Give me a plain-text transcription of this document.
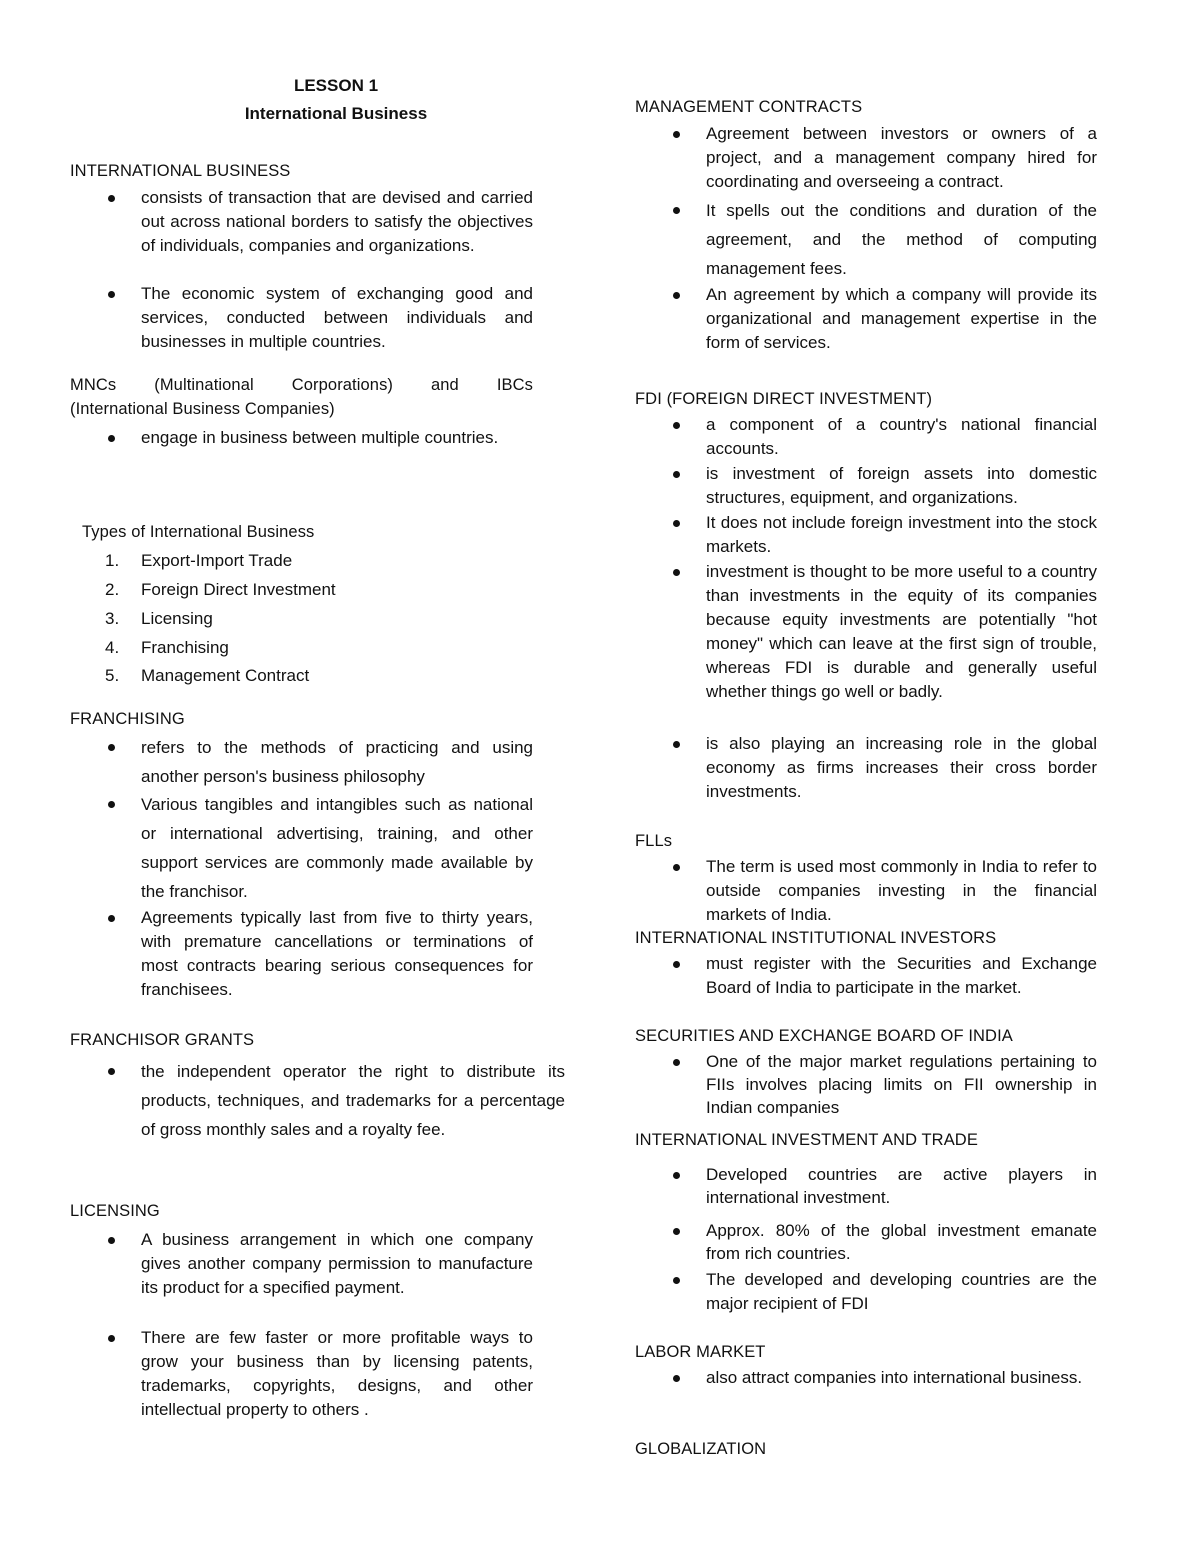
LESSON 1
International Business
INTERNATIONAL BUSINESS
consists of transaction that are devised and carried out across national borders to satisfy the objectives of individuals, companies and organizations.
The economic system of exchanging good and services, conducted between individuals and businesses in multiple countries.
MNCs (Multinational Corporations) and IBCs
(International Business Companies)
engage in business between multiple countries.
Types of International Business
1. Export-Import Trade
2. Foreign Direct Investment
3. Licensing
4. Franchising
5. Management Contract
FRANCHISING
refers to the methods of practicing and using another person's business philosophy
Various tangibles and intangibles such as national or international advertising, training, and other support services are commonly made available by the franchisor.
Agreements typically last from five to thirty years, with premature cancellations or terminations of most contracts bearing serious consequences for franchisees.
FRANCHISOR GRANTS
the independent operator the right to distribute its products, techniques, and trademarks for a percentage of gross monthly sales and a royalty fee.
LICENSING
A business arrangement in which one company gives another company permission to manufacture its product for a specified payment.
There are few faster or more profitable ways to grow your business than by licensing patents, trademarks, copyrights, designs, and other intellectual property to others .
MANAGEMENT CONTRACTS
Agreement between investors or owners of a project, and a management company hired for coordinating and overseeing a contract.
It spells out the conditions and duration of the agreement, and the method of computing management fees.
An agreement by which a company will provide its organizational and management expertise in the form of services.
FDI (FOREIGN DIRECT INVESTMENT)
a component of a country's national financial accounts.
is investment of foreign assets into domestic structures, equipment, and organizations.
It does not include foreign investment into the stock markets.
investment is thought to be more useful to a country than investments in the equity of its companies because equity investments are potentially "hot money" which can leave at the first sign of trouble, whereas FDI is durable and generally useful whether things go well or badly.
is also playing an increasing role in the global economy as firms increases their cross border investments.
FLLs
The term is used most commonly in India to refer to outside companies investing in the financial markets of India.
INTERNATIONAL INSTITUTIONAL INVESTORS
must register with the Securities and Exchange Board of India to participate in the market.
SECURITIES AND EXCHANGE BOARD OF INDIA
One of the major market regulations pertaining to FIIs involves placing limits on FII ownership in Indian companies
INTERNATIONAL INVESTMENT AND TRADE
Developed countries are active players in international investment.
Approx. 80% of the global investment emanate from rich countries.
The developed and developing countries are the major recipient of FDI
LABOR MARKET
also attract companies into international business.
GLOBALIZATION
